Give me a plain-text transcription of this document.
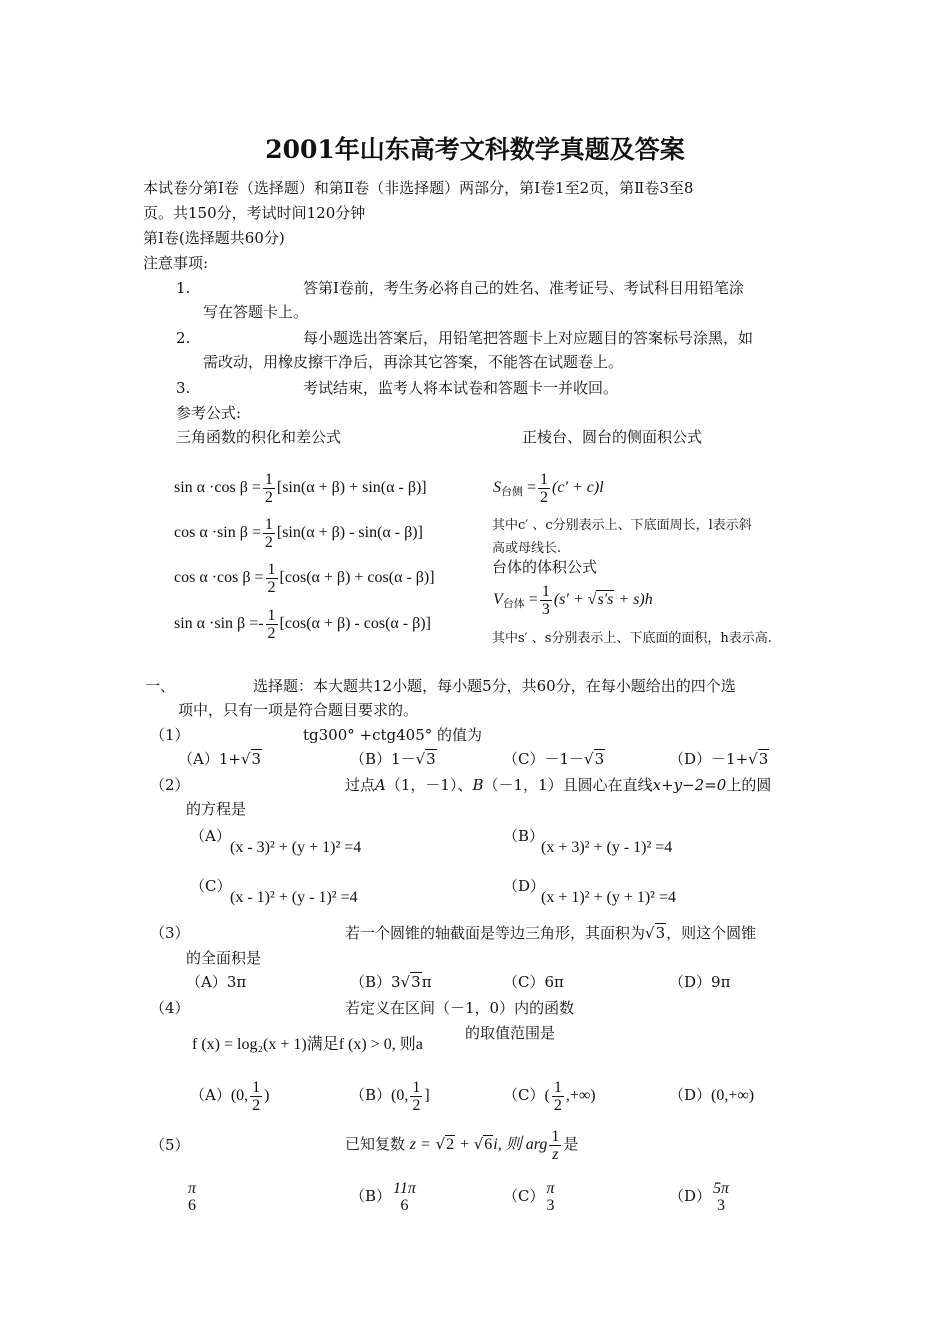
2001年山东高考文科数学真题及答案
本试卷分第Ⅰ卷（选择题）和第Ⅱ卷（非选择题）两部分，第Ⅰ卷1至2页，第Ⅱ卷3至8
页。共150分，考试时间120分钟
第Ⅰ卷(选择题共60分)
注意事项:
1.	答第Ⅰ卷前，考生务必将自己的姓名、准考证号、考试科目用铅笔涂
写在答题卡上。
2.	每小题选出答案后，用铅笔把答题卡上对应题目的答案标号涂黑，如
需改动，用橡皮擦干净后，再涂其它答案，不能答在试题卷上。
3.	考试结束，监考人将本试卷和答题卡一并收回。
参考公式:
三角函数的积化和差公式	正棱台、圆台的侧面积公式
sin α ·cos $\beta = \frac{1}{2} [\sin(\alpha + \beta) + \sin(\alpha - \beta)]$
cos α ·sin $\beta = \frac{1}{2} [\sin(\alpha + \beta) - \sin(\alpha - \beta)]$
cos α ·cos $\beta = \frac{1}{2} [\cos(\alpha + \beta) + \cos(\alpha - \beta)]$
sin α ·sin $\beta =- \frac{1}{2} [\cos(\alpha + \beta) - \cos(\alpha - \beta)]$
$S_{台侧} = \frac{1}{2} (c' + c)l$
其中c′ 、c分别表示上、下底面周长，l表示斜
高或母线长.
台体的体积公式
$V_{台体} = \frac{1}{3} (s' + √s's + s)h$
其中s′ 、s分别表示上、下底面的面积，h表示高.
一、	选择题：本大题共12小题，每小题5分，共60分，在每小题给出的四个选
项中，只有一项是符合题目要求的。
（1）	tg300° +ctg405° 的值为
（A）1+√3	（B）1－√3	（C）－1－√3	（D）－1+√3
（2）	过点A（1，－1）、B（－1，1）且圆心在直线x+y−2=0上的圆
的方程是
（A）
(x - 3)² + (y + 1)² =4
（B）
(x + 3)² + (y - 1)² =4
（C）
(x - 1)² + (y - 1)² =4
（D）
(x + 1)² + (y + 1)² =4
（3）	若一个圆锥的轴截面是等边三角形，其面积为√3，则这个圆锥
的全面积是
（A）3π	（B）3√3π	（C）6π	（D）9π
（4）	若定义在区间（－1，0）内的函数
f (x) = log₂(x + 1)满足f (x) > 0, 则a
的取值范围是
（A）(0, $\frac{1}{2}$ )	（B）(0, $\frac{1}{2}$ ]	$(C)( \frac{1}{2}$ ,+∞)	（D）(0,+∞)
（5）	已知复数 z = √2 + √6i, 则 arg $\frac{1}{z}$ 是
π
6
（B） 11π
6
（C） π
3
（D） 5π
3
